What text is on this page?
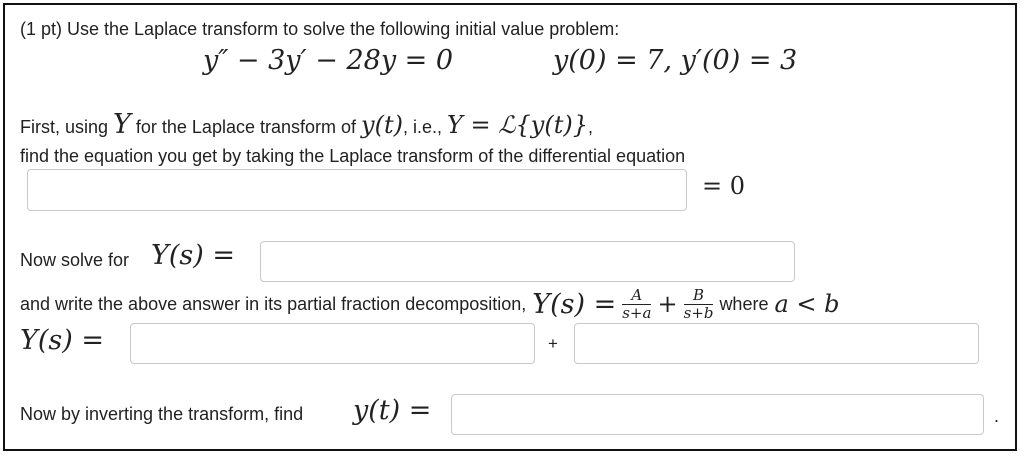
(1 pt) Use the Laplace transform to solve the following initial value problem:
y″ − 3y′ − 28y = 0	y(0) = 7, y′(0) = 3
First, using Y for the Laplace transform of y(t), i.e., Y = ℒ{y(t)},
find the equation you get by taking the Laplace transform of the differential equation
= 0
Now solve for Y(s) =
and write the above answer in its partial fraction decomposition, $Y(s) = \frac{A}{s+a} + \frac{B}{s+b}$ where a < b
Y(s) =	+
Now by inverting the transform, find y(t) =	.
